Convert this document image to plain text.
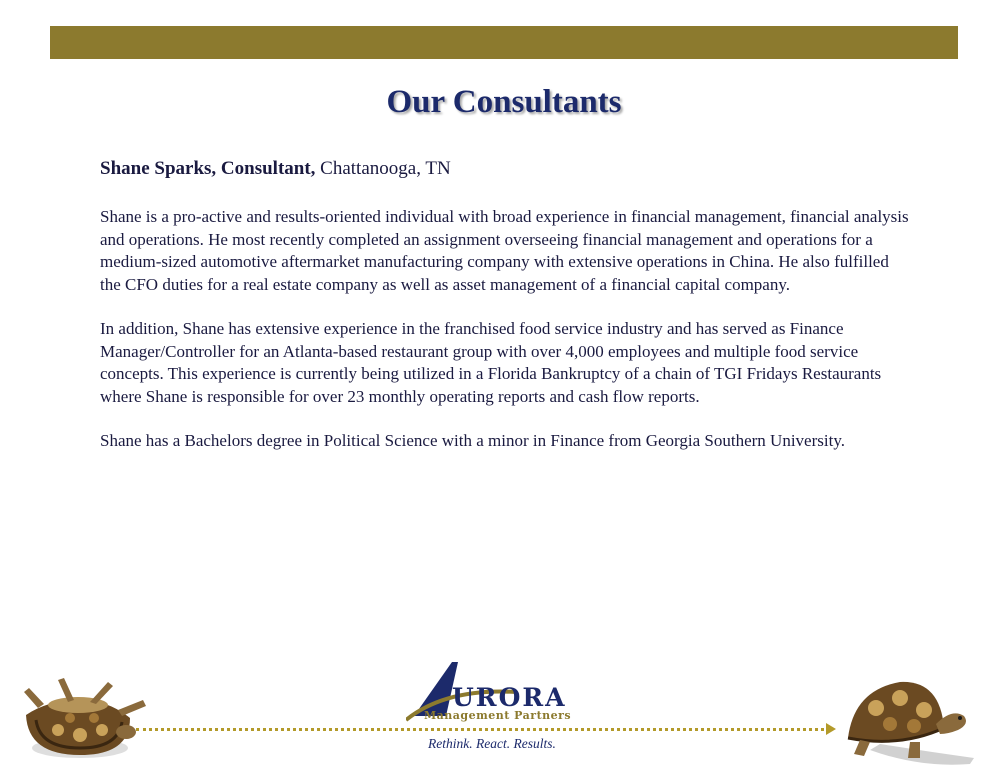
Our Consultants

Shane Sparks, Consultant, Chattanooga, TN

Shane is a pro-active and results-oriented individual with broad experience in financial management, financial analysis and operations. He most recently completed an assignment overseeing financial management and operations for a medium-sized automotive aftermarket manufacturing company with extensive operations in China. He also fulfilled the CFO duties for a real estate company as well as asset management of a financial capital company.

In addition, Shane has extensive experience in the franchised food service industry and has served as Finance Manager/Controller for an Atlanta-based restaurant group with over 4,000 employees and multiple food service concepts. This experience is currently being utilized in a Florida Bankruptcy of a chain of TGI Fridays Restaurants where Shane is responsible for over 23 monthly operating reports and cash flow reports.

Shane has a Bachelors degree in Political Science with a minor in Finance from Georgia Southern University.

URORA
Management Partners
Rethink. React. Results.
